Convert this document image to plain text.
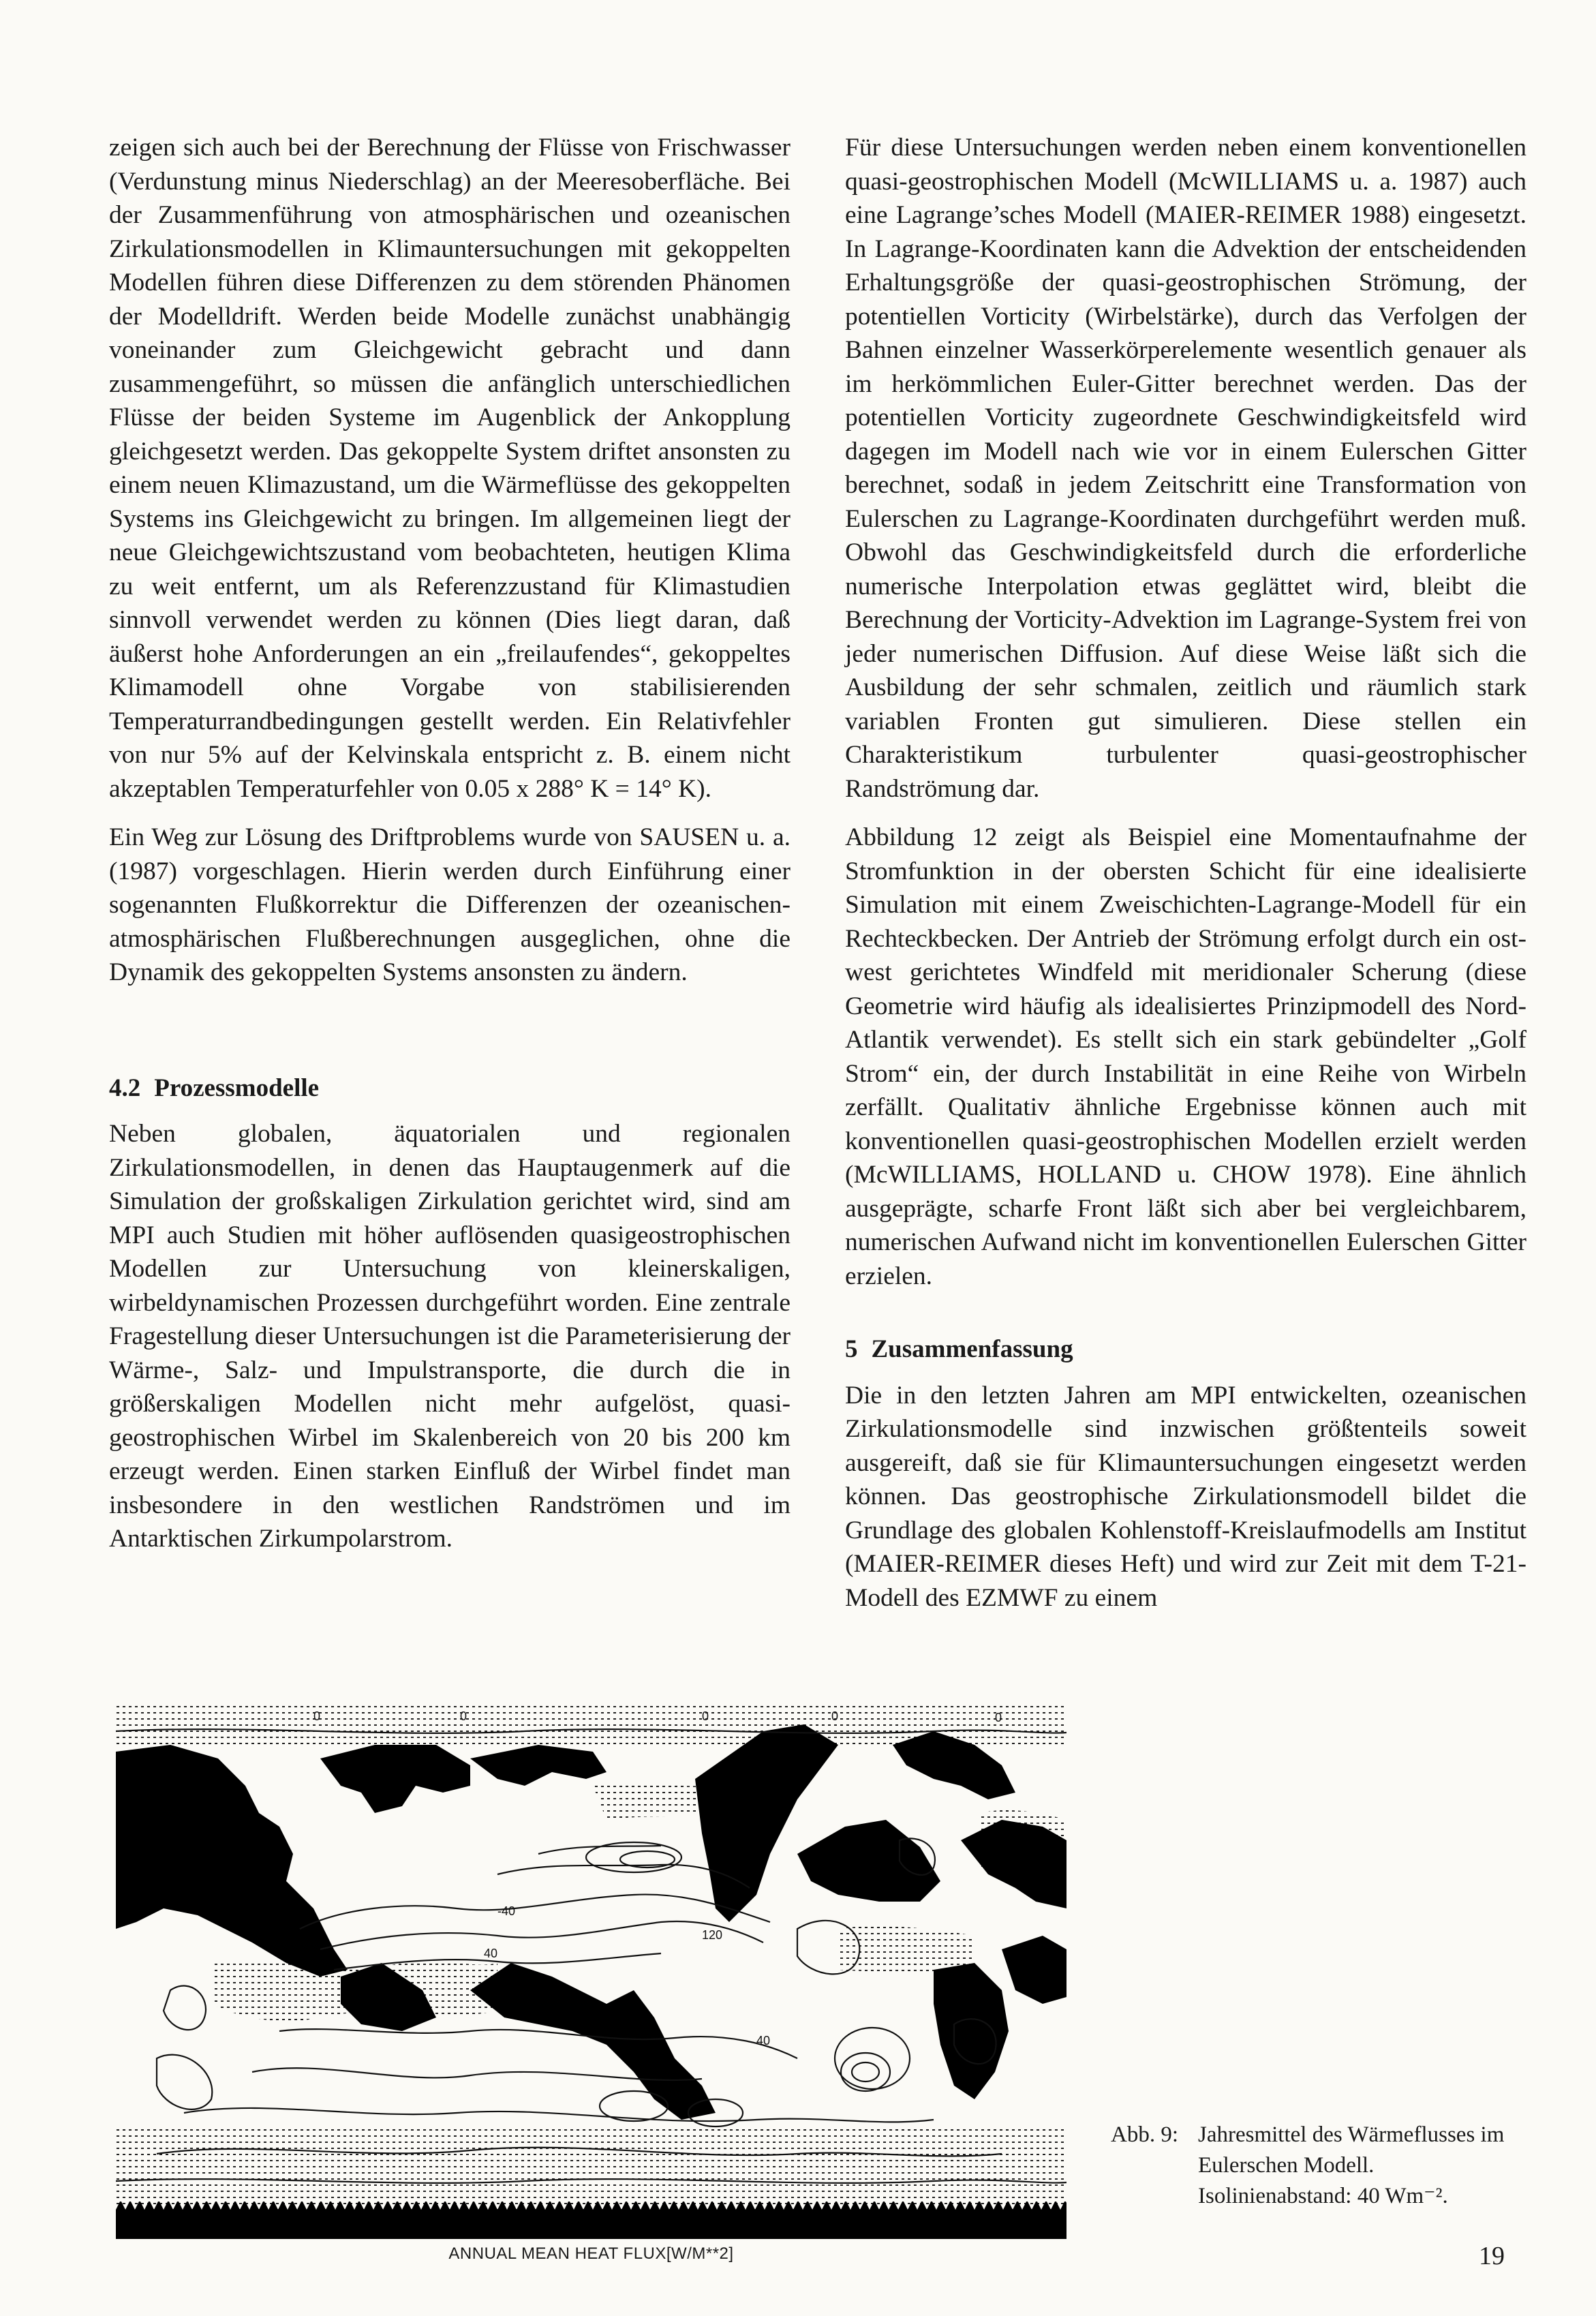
zeigen sich auch bei der Berechnung der Flüsse von Frischwasser (Verdunstung minus Niederschlag) an der Meeresoberfläche. Bei der Zusammenführung von atmosphärischen und ozeanischen Zirkulationsmodellen in Klimauntersuchungen mit gekoppelten Modellen führen diese Differenzen zu dem störenden Phänomen der Modelldrift. Werden beide Modelle zunächst unabhängig voneinander zum Gleichgewicht gebracht und dann zusammengeführt, so müssen die anfänglich unterschiedlichen Flüsse der beiden Systeme im Augenblick der Ankopplung gleichgesetzt werden. Das gekoppelte System driftet ansonsten zu einem neuen Klimazustand, um die Wärmeflüsse des gekoppelten Systems ins Gleichgewicht zu bringen. Im allgemeinen liegt der neue Gleichgewichtszustand vom beobachteten, heutigen Klima zu weit entfernt, um als Referenzzustand für Klimastudien sinnvoll verwendet werden zu können (Dies liegt daran, daß äußerst hohe Anforderungen an ein „freilaufendes“, gekoppeltes Klimamodell ohne Vorgabe von stabilisierenden Temperaturrandbedingungen gestellt werden. Ein Relativfehler von nur 5% auf der Kelvinskala entspricht z. B. einem nicht akzeptablen Temperaturfehler von 0.05 x 288° K = 14° K).

Ein Weg zur Lösung des Driftproblems wurde von SAUSEN u. a. (1987) vorgeschlagen. Hierin werden durch Einführung einer sogenannten Flußkorrektur die Differenzen der ozeanischen-atmosphärischen Flußberechnungen ausgeglichen, ohne die Dynamik des gekoppelten Systems ansonsten zu ändern.

4.2 Prozessmodelle

Neben globalen, äquatorialen und regionalen Zirkulationsmodellen, in denen das Hauptaugenmerk auf die Simulation der großskaligen Zirkulation gerichtet wird, sind am MPI auch Studien mit höher auflösenden quasigeostrophischen Modellen zur Untersuchung von kleinerskaligen, wirbeldynamischen Prozessen durchgeführt worden. Eine zentrale Fragestellung dieser Untersuchungen ist die Parameterisierung der Wärme-, Salz- und Impulstransporte, die durch die in größerskaligen Modellen nicht mehr aufgelöst, quasi-geostrophischen Wirbel im Skalenbereich von 20 bis 200 km erzeugt werden. Einen starken Einfluß der Wirbel findet man insbesondere in den westlichen Randströmen und im Antarktischen Zirkumpolarstrom.

Für diese Untersuchungen werden neben einem konventionellen quasi-geostrophischen Modell (McWILLIAMS u. a. 1987) auch eine Lagrange’sches Modell (MAIER-REIMER 1988) eingesetzt. In Lagrange-Koordinaten kann die Advektion der entscheidenden Erhaltungsgröße der quasi-geostrophischen Strömung, der potentiellen Vorticity (Wirbelstärke), durch das Verfolgen der Bahnen einzelner Wasserkörperelemente wesentlich genauer als im herkömmlichen Euler-Gitter berechnet werden. Das der potentiellen Vorticity zugeordnete Geschwindigkeitsfeld wird dagegen im Modell nach wie vor in einem Eulerschen Gitter berechnet, sodaß in jedem Zeitschritt eine Transformation von Eulerschen zu Lagrange-Koordinaten durchgeführt werden muß. Obwohl das Geschwindigkeitsfeld durch die erforderliche numerische Interpolation etwas geglättet wird, bleibt die Berechnung der Vorticity-Advektion im Lagrange-System frei von jeder numerischen Diffusion. Auf diese Weise läßt sich die Ausbildung der sehr schmalen, zeitlich und räumlich stark variablen Fronten gut simulieren. Diese stellen ein Charakteristikum turbulenter quasi-geostrophischer Randströmung dar.

Abbildung 12 zeigt als Beispiel eine Momentaufnahme der Stromfunktion in der obersten Schicht für eine idealisierte Simulation mit einem Zweischichten-Lagrange-Modell für ein Rechteckbecken. Der Antrieb der Strömung erfolgt durch ein ost-west gerichtetes Windfeld mit meridionaler Scherung (diese Geometrie wird häufig als idealisiertes Prinzipmodell des Nord-Atlantik verwendet). Es stellt sich ein stark gebündelter „Golf Strom“ ein, der durch Instabilität in eine Reihe von Wirbeln zerfällt. Qualitativ ähnliche Ergebnisse können auch mit konventionellen quasi-geostrophischen Modellen erzielt werden (McWILLIAMS, HOLLAND u. CHOW 1978). Eine ähnlich ausgeprägte, scharfe Front läßt sich aber bei vergleichbarem, numerischen Aufwand nicht im konventionellen Eulerschen Gitter erzielen.

5 Zusammenfassung

Die in den letzten Jahren am MPI entwickelten, ozeanischen Zirkulationsmodelle sind inzwischen größtenteils soweit ausgereift, daß sie für Klimauntersuchungen eingesetzt werden können. Das geostrophische Zirkulationsmodell bildet die Grundlage des globalen Kohlenstoff-Kreislaufmodells am Institut (MAIER-REIMER dieses Heft) und wird zur Zeit mit dem T-21-Modell des EZMWF zu einem

0	0	0	0	0
-40
40
120
40
ANNUAL MEAN HEAT FLUX[W/M**2]
Abb. 9: Jahresmittel des Wärmeflusses im Eulerschen Modell. Isolinienabstand: 40 Wm⁻².
19
